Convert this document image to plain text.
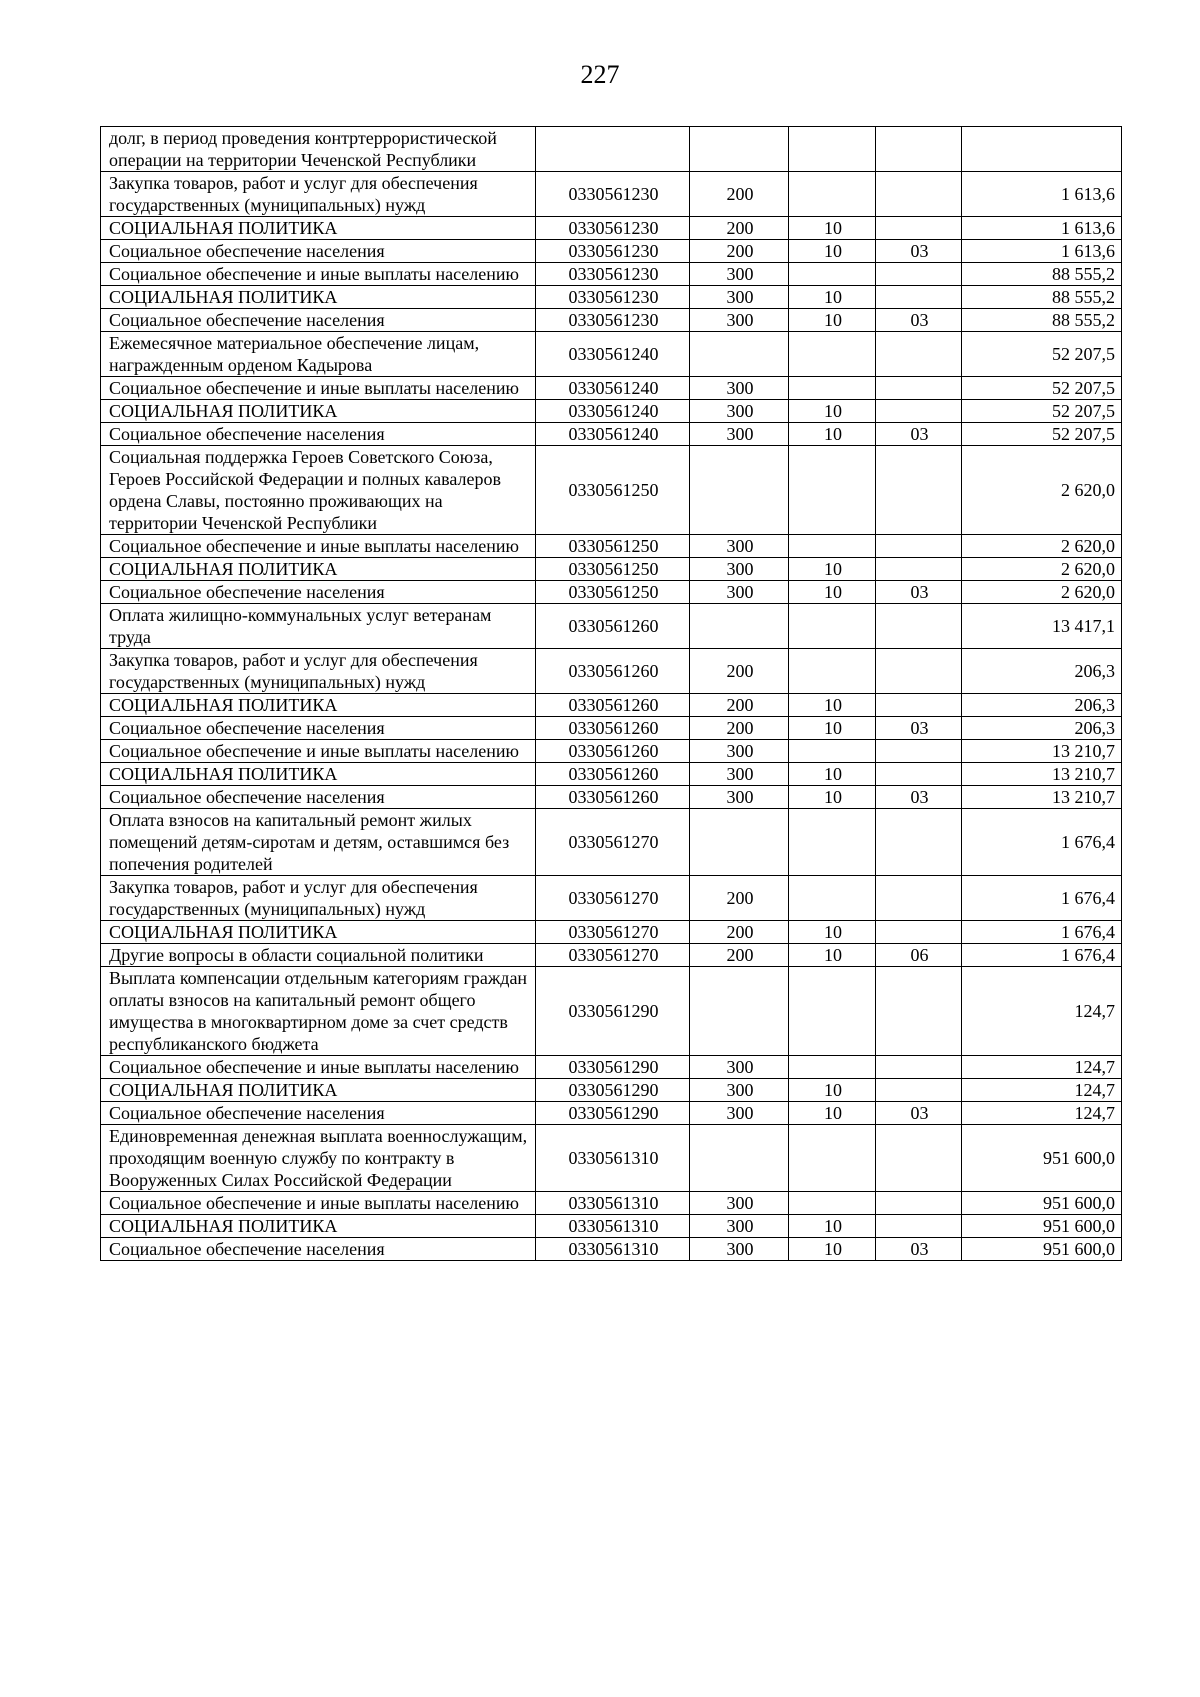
227
долг, в период проведения контртеррористической операции на территории Чеченской Республики					
Закупка товаров, работ и услуг для обеспечения государственных (муниципальных) нужд	0330561230	200			1 613,6
СОЦИАЛЬНАЯ ПОЛИТИКА	0330561230	200	10		1 613,6
Социальное обеспечение населения	0330561230	200	10	03	1 613,6
Социальное обеспечение и иные выплаты населению	0330561230	300			88 555,2
СОЦИАЛЬНАЯ ПОЛИТИКА	0330561230	300	10		88 555,2
Социальное обеспечение населения	0330561230	300	10	03	88 555,2
Ежемесячное материальное обеспечение лицам, награжденным орденом Кадырова	0330561240				52 207,5
Социальное обеспечение и иные выплаты населению	0330561240	300			52 207,5
СОЦИАЛЬНАЯ ПОЛИТИКА	0330561240	300	10		52 207,5
Социальное обеспечение населения	0330561240	300	10	03	52 207,5
Социальная поддержка Героев Советского Союза, Героев Российской Федерации и полных кавалеров ордена Славы, постоянно проживающих на территории Чеченской Республики	0330561250				2 620,0
Социальное обеспечение и иные выплаты населению	0330561250	300			2 620,0
СОЦИАЛЬНАЯ ПОЛИТИКА	0330561250	300	10		2 620,0
Социальное обеспечение населения	0330561250	300	10	03	2 620,0
Оплата жилищно-коммунальных услуг ветеранам труда	0330561260				13 417,1
Закупка товаров, работ и услуг для обеспечения государственных (муниципальных) нужд	0330561260	200			206,3
СОЦИАЛЬНАЯ ПОЛИТИКА	0330561260	200	10		206,3
Социальное обеспечение населения	0330561260	200	10	03	206,3
Социальное обеспечение и иные выплаты населению	0330561260	300			13 210,7
СОЦИАЛЬНАЯ ПОЛИТИКА	0330561260	300	10		13 210,7
Социальное обеспечение населения	0330561260	300	10	03	13 210,7
Оплата взносов на капитальный ремонт жилых помещений детям-сиротам и детям, оставшимся без попечения родителей	0330561270				1 676,4
Закупка товаров, работ и услуг для обеспечения государственных (муниципальных) нужд	0330561270	200			1 676,4
СОЦИАЛЬНАЯ ПОЛИТИКА	0330561270	200	10		1 676,4
Другие вопросы в области социальной политики	0330561270	200	10	06	1 676,4
Выплата компенсации отдельным категориям граждан оплаты взносов на капитальный ремонт общего имущества в многоквартирном доме за счет средств республиканского бюджета	0330561290				124,7
Социальное обеспечение и иные выплаты населению	0330561290	300			124,7
СОЦИАЛЬНАЯ ПОЛИТИКА	0330561290	300	10		124,7
Социальное обеспечение населения	0330561290	300	10	03	124,7
Единовременная денежная выплата военнослужащим, проходящим военную службу по контракту в Вооруженных Силах Российской Федерации	0330561310				951 600,0
Социальное обеспечение и иные выплаты населению	0330561310	300			951 600,0
СОЦИАЛЬНАЯ ПОЛИТИКА	0330561310	300	10		951 600,0
Социальное обеспечение населения	0330561310	300	10	03	951 600,0
